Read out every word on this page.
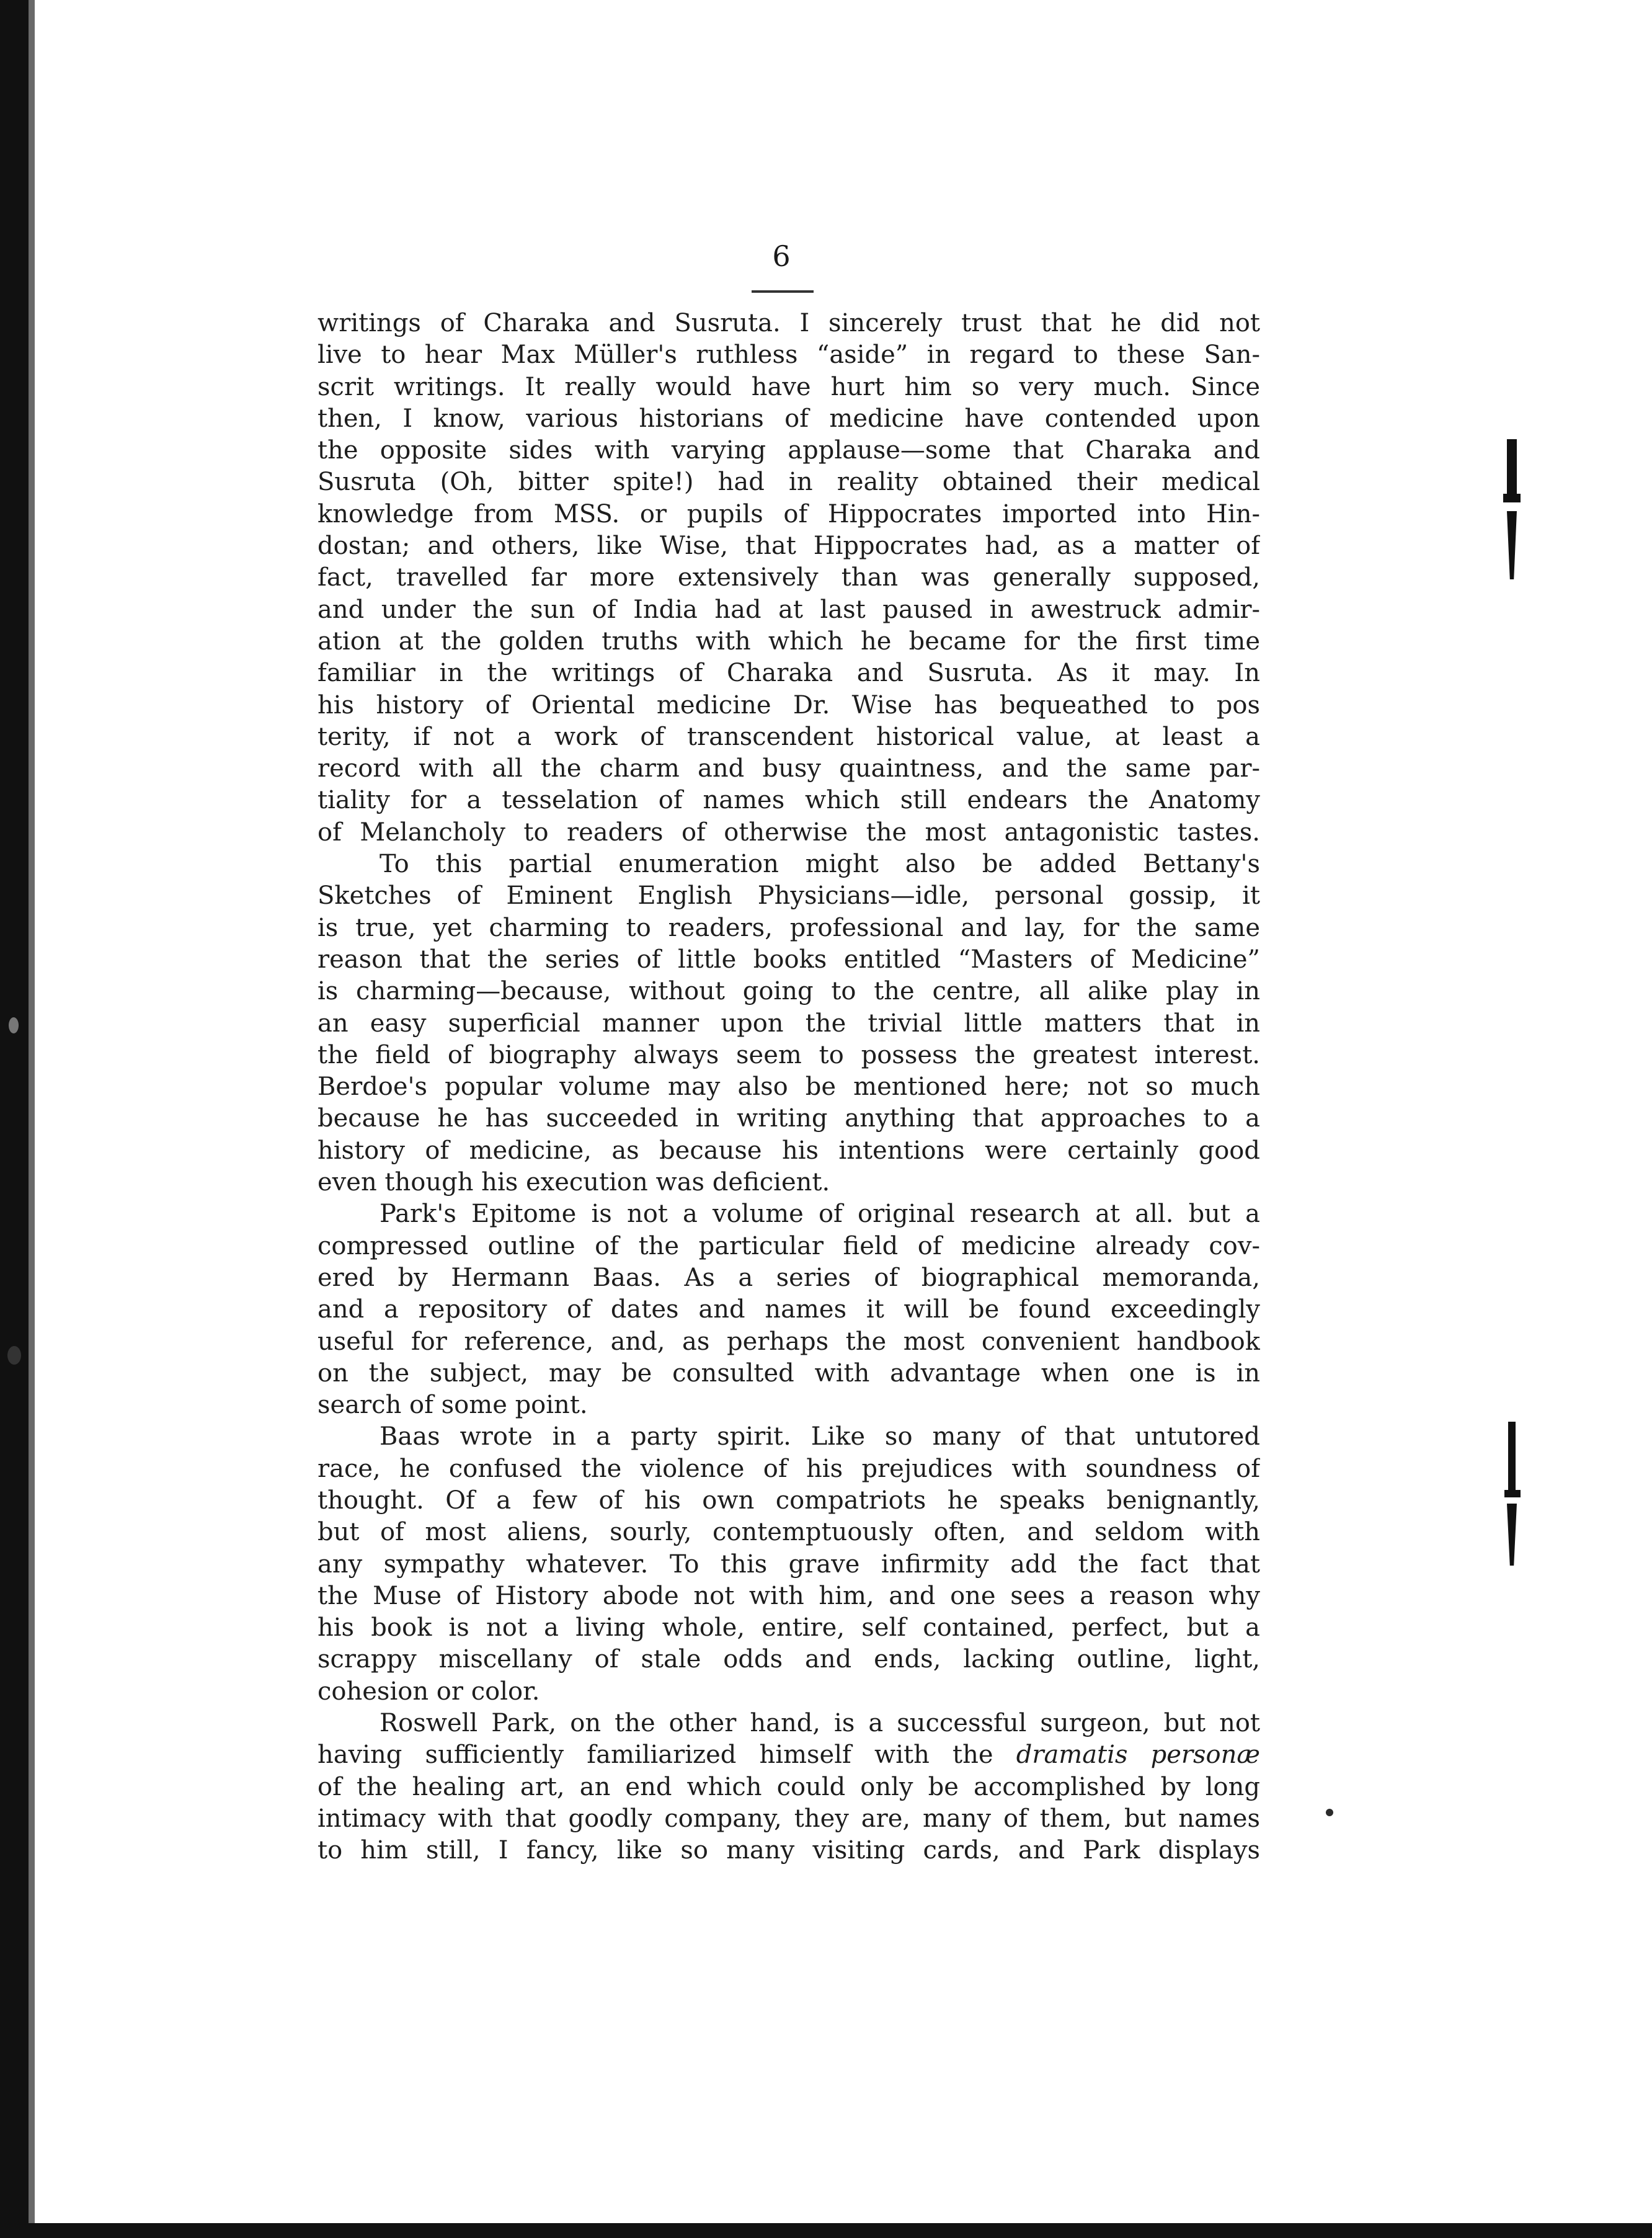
6
writings of Charaka and Susruta. I sincerely trust that he did not
live to hear Max Müller's ruthless “aside” in regard to these San-
scrit writings. It really would have hurt him so very much. Since
then, I know, various historians of medicine have contended upon
the opposite sides with varying applause—some that Charaka and
Susruta (Oh, bitter spite!) had in reality obtained their medical
knowledge from MSS. or pupils of Hippocrates imported into Hin-
dostan; and others, like Wise, that Hippocrates had, as a matter of
fact, travelled far more extensively than was generally supposed,
and under the sun of India had at last paused in awestruck admir-
ation at the golden truths with which he became for the first time
familiar in the writings of Charaka and Susruta. As it may. In
his history of Oriental medicine Dr. Wise has bequeathed to pos
terity, if not a work of transcendent historical value, at least a
record with all the charm and busy quaintness, and the same par-
tiality for a tesselation of names which still endears the Anatomy
of Melancholy to readers of otherwise the most antagonistic tastes.
To this partial enumeration might also be added Bettany's
Sketches of Eminent English Physicians—idle, personal gossip, it
is true, yet charming to readers, professional and lay, for the same
reason that the series of little books entitled “Masters of Medicine”
is charming—because, without going to the centre, all alike play in
an easy superficial manner upon the trivial little matters that in
the field of biography always seem to possess the greatest interest.
Berdoe's popular volume may also be mentioned here; not so much
because he has succeeded in writing anything that approaches to a
history of medicine, as because his intentions were certainly good
even though his execution was deficient.
Park's Epitome is not a volume of original research at all. but a
compressed outline of the particular field of medicine already cov-
ered by Hermann Baas. As a series of biographical memoranda,
and a repository of dates and names it will be found exceedingly
useful for reference, and, as perhaps the most convenient handbook
on the subject, may be consulted with advantage when one is in
search of some point.
Baas wrote in a party spirit. Like so many of that untutored
race, he confused the violence of his prejudices with soundness of
thought. Of a few of his own compatriots he speaks benignantly,
but of most aliens, sourly, contemptuously often, and seldom with
any sympathy whatever. To this grave infirmity add the fact that
the Muse of History abode not with him, and one sees a reason why
his book is not a living whole, entire, self contained, perfect, but a
scrappy miscellany of stale odds and ends, lacking outline, light,
cohesion or color.
Roswell Park, on the other hand, is a successful surgeon, but not
having sufficiently familiarized himself with the dramatis personæ
of the healing art, an end which could only be accomplished by long
intimacy with that goodly company, they are, many of them, but names
to him still, I fancy, like so many visiting cards, and Park displays
